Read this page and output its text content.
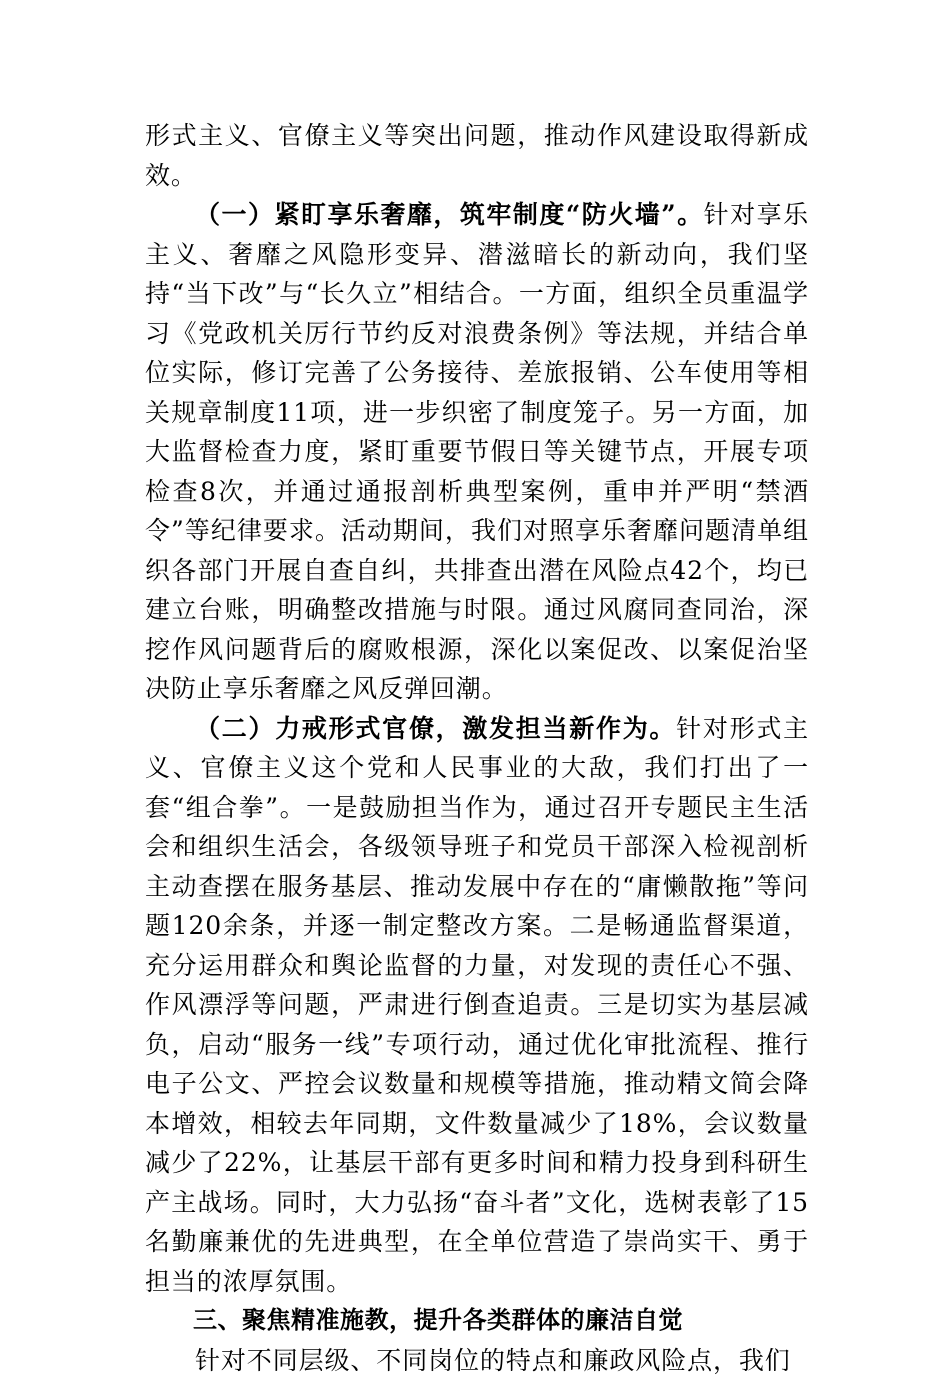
形式主义、官僚主义等突出问题，推动作风建设取得新成效。

（一）紧盯享乐奢靡，筑牢制度“防火墙”。针对享乐主义、奢靡之风隐形变异、潜滋暗长的新动向，我们坚持“当下改”与“长久立”相结合。一方面，组织全员重温学习《党政机关厉行节约反对浪费条例》等法规，并结合单位实际，修订完善了公务接待、差旅报销、公车使用等相关规章制度11项，进一步织密了制度笼子。另一方面，加大监督检查力度，紧盯重要节假日等关键节点，开展专项检查8次，并通过通报剖析典型案例，重申并严明“禁酒令”等纪律要求。活动期间，我们对照享乐奢靡问题清单组织各部门开展自查自纠，共排查出潜在风险点42个，均已建立台账，明确整改措施与时限。通过风腐同查同治，深挖作风问题背后的腐败根源，深化以案促改、以案促治坚决防止享乐奢靡之风反弹回潮。

（二）力戒形式官僚，激发担当新作为。针对形式主义、官僚主义这个党和人民事业的大敌，我们打出了一套“组合拳”。一是鼓励担当作为，通过召开专题民主生活会和组织生活会，各级领导班子和党员干部深入检视剖析主动查摆在服务基层、推动发展中存在的“庸懒散拖”等问题120余条，并逐一制定整改方案。二是畅通监督渠道，充分运用群众和舆论监督的力量，对发现的责任心不强、作风漂浮等问题，严肃进行倒查追责。三是切实为基层减负，启动“服务一线”专项行动，通过优化审批流程、推行电子公文、严控会议数量和规模等措施，推动精文简会降本增效，相较去年同期，文件数量减少了18%，会议数量减少了22%，让基层干部有更多时间和精力投身到科研生产主战场。同时，大力弘扬“奋斗者”文化，选树表彰了15名勤廉兼优的先进典型，在全单位营造了崇尚实干、勇于担当的浓厚氛围。

三、聚焦精准施教，提升各类群体的廉洁自觉

针对不同层级、不同岗位的特点和廉政风险点，我们
